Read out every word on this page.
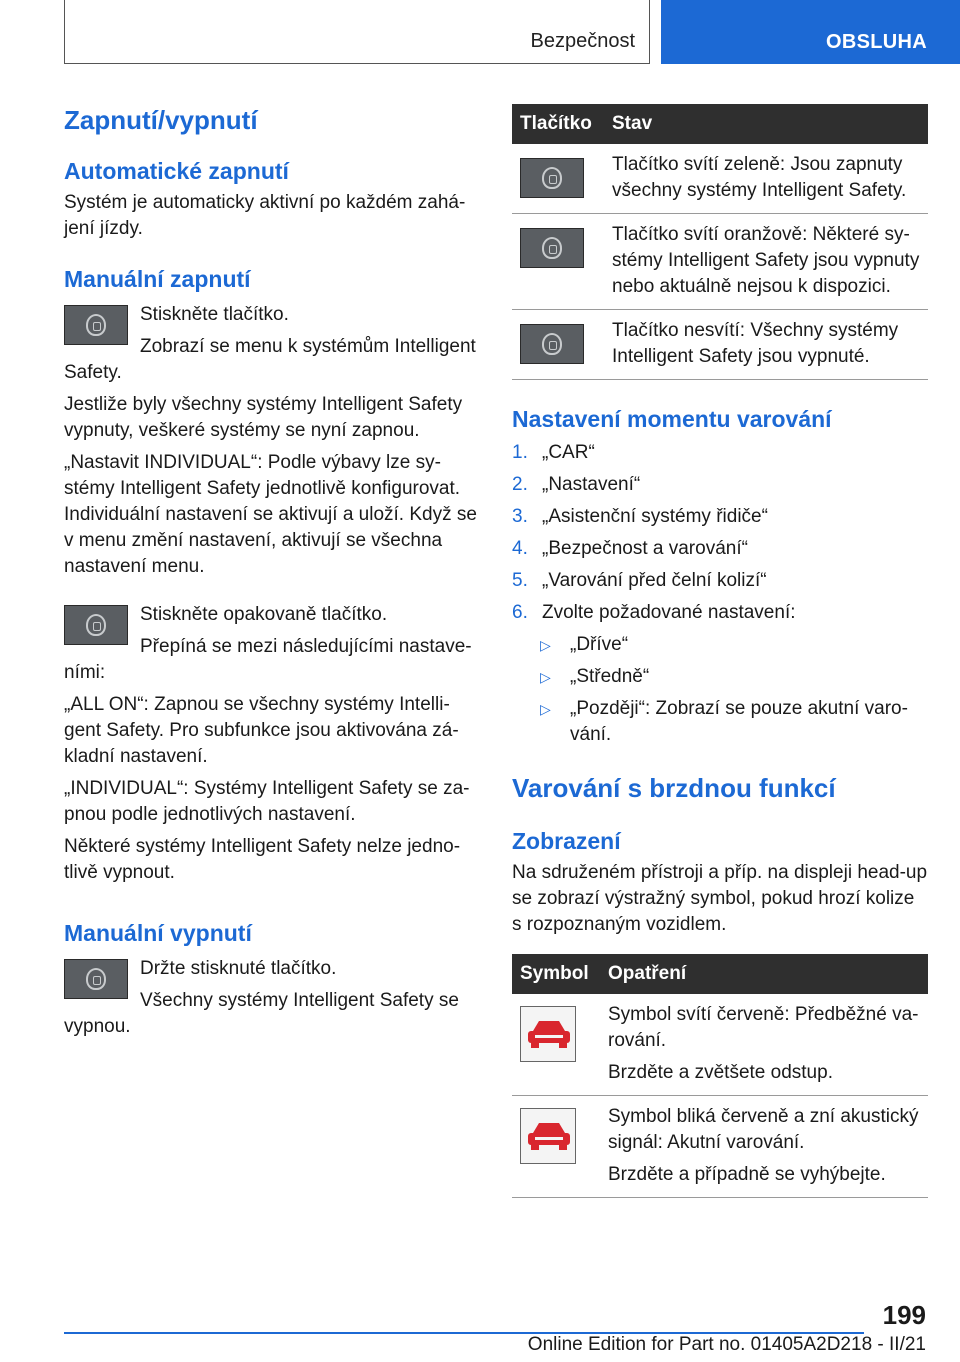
Bezpečnost	OBSLUHA
Zapnutí/vypnutí
Automatické zapnutí

Systém je automaticky aktivní po každém zahájení jízdy.

Manuální zapnutí

Stiskněte tlačítko.

Zobrazí se menu k systémům Intelligent Safety.

Jestliže byly všechny systémy Intelligent Safety vypnuty, veškeré systémy se nyní zapnou.

„Nastavit INDIVIDUAL“: Podle výbavy lze systémy Intelligent Safety jednotlivě konfigurovat. Individuální nastavení se aktivují a uloží. Když se v menu změní nastavení, aktivují se všechna nastavení menu.

Stiskněte opakovaně tlačítko.

Přepíná se mezi následujícími nastaveními:

„ALL ON“: Zapnou se všechny systémy Intelligent Safety. Pro subfunkce jsou aktivována základní nastavení.

„INDIVIDUAL“: Systémy Intelligent Safety se zapnou podle jednotlivých nastavení.

Některé systémy Intelligent Safety nelze jednotlivě vypnout.

Manuální vypnutí

Držte stisknuté tlačítko.

Všechny systémy Intelligent Safety se vypnou.

Tlačítko	Stav

	Tlačítko svítí zeleně: Jsou zapnuty všechny systémy Intelligent Safety.

	Tlačítko svítí oranžově: Některé systémy Intelligent Safety jsou vypnuty nebo aktuálně nejsou k dispozici.

	Tlačítko nesvítí: Všechny systémy Intelligent Safety jsou vypnuté.
Nastavení momentu varování
1. „CAR“
2. „Nastavení“
3. „Asistenční systémy řidiče“
4. „Bezpečnost a varování“
5. „Varování před čelní kolizí“
6. Zvolte požadované nastavení:
▷ „Dříve“
▷ „Středně“
▷ „Později“: Zobrazí se pouze akutní varování.
Varování s brzdnou funkcí
Zobrazení

Na sdruženém přístroji a příp. na displeji head-up se zobrazí výstražný symbol, pokud hrozí kolize s rozpoznaným vozidlem.

Symbol	Opatření

Symbol svítí červeně: Předběžné varování.

Brzděte a zvětšete odstup.

Symbol bliká červeně a zní akustický signál: Akutní varování.

Brzděte a případně se vyhýbejte.

199
Online Edition for Part no. 01405A2D218 - II/21
